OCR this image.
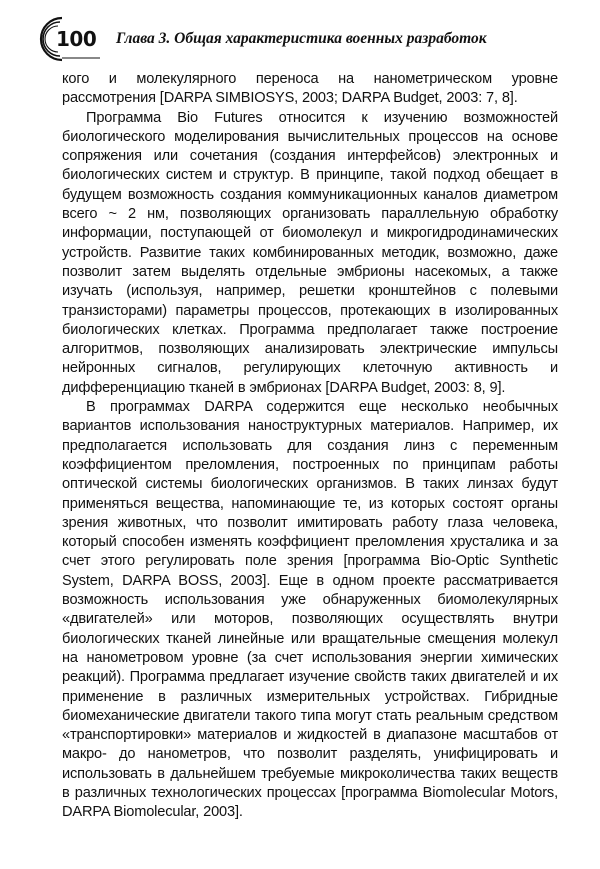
100 Глава 3. Общая характеристика военных разработок

кого и молекулярного переноса на нанометрическом уровне рассмотрения [DARPA SIMBIOSYS, 2003; DARPA Budget, 2003: 7, 8].

Программа Bio Futures относится к изучению возможностей биологического моделирования вычислительных процессов на основе сопряжения или сочетания (создания интерфейсов) электронных и биологических систем и структур. В принципе, такой подход обещает в будущем возможность создания коммуникационных каналов диаметром всего ~ 2 нм, позволяющих организовать параллельную обработку информации, поступающей от биомолекул и микрогидродинамических устройств. Развитие таких комбинированных методик, возможно, даже позволит затем выделять отдельные эмбрионы насекомых, а также изучать (используя, например, решетки кронштейнов с полевыми транзисторами) параметры процессов, протекающих в изолированных биологических клетках. Программа предполагает также построение алгоритмов, позволяющих анализировать электрические импульсы нейронных сигналов, регулирующих клеточную активность и дифференциацию тканей в эмбрионах [DARPA Budget, 2003: 8, 9].

В программах DARPA содержится еще несколько необычных вариантов использования наноструктурных материалов. Например, их предполагается использовать для создания линз с переменным коэффициентом преломления, построенных по принципам работы оптической системы биологических организмов. В таких линзах будут применяться вещества, напоминающие те, из которых состоят органы зрения животных, что позволит имитировать работу глаза человека, который способен изменять коэффициент преломления хрусталика и за счет этого регулировать поле зрения [программа Bio-Optic Synthetic System, DARPA BOSS, 2003]. Еще в одном проекте рассматривается возможность использования уже обнаруженных биомолекулярных «двигателей» или моторов, позволяющих осуществлять внутри биологических тканей линейные или вращательные смещения молекул на нанометровом уровне (за счет использования энергии химических реакций). Программа предлагает изучение свойств таких двигателей и их применение в различных измерительных устройствах. Гибридные биомеханические двигатели такого типа могут стать реальным средством «транспортировки» материалов и жидкостей в диапазоне масштабов от макро- до нанометров, что позволит разделять, унифицировать и использовать в дальнейшем требуемые микроколичества таких веществ в различных технологических процессах [программа Biomolecular Motors, DARPA Biomolecular, 2003].
